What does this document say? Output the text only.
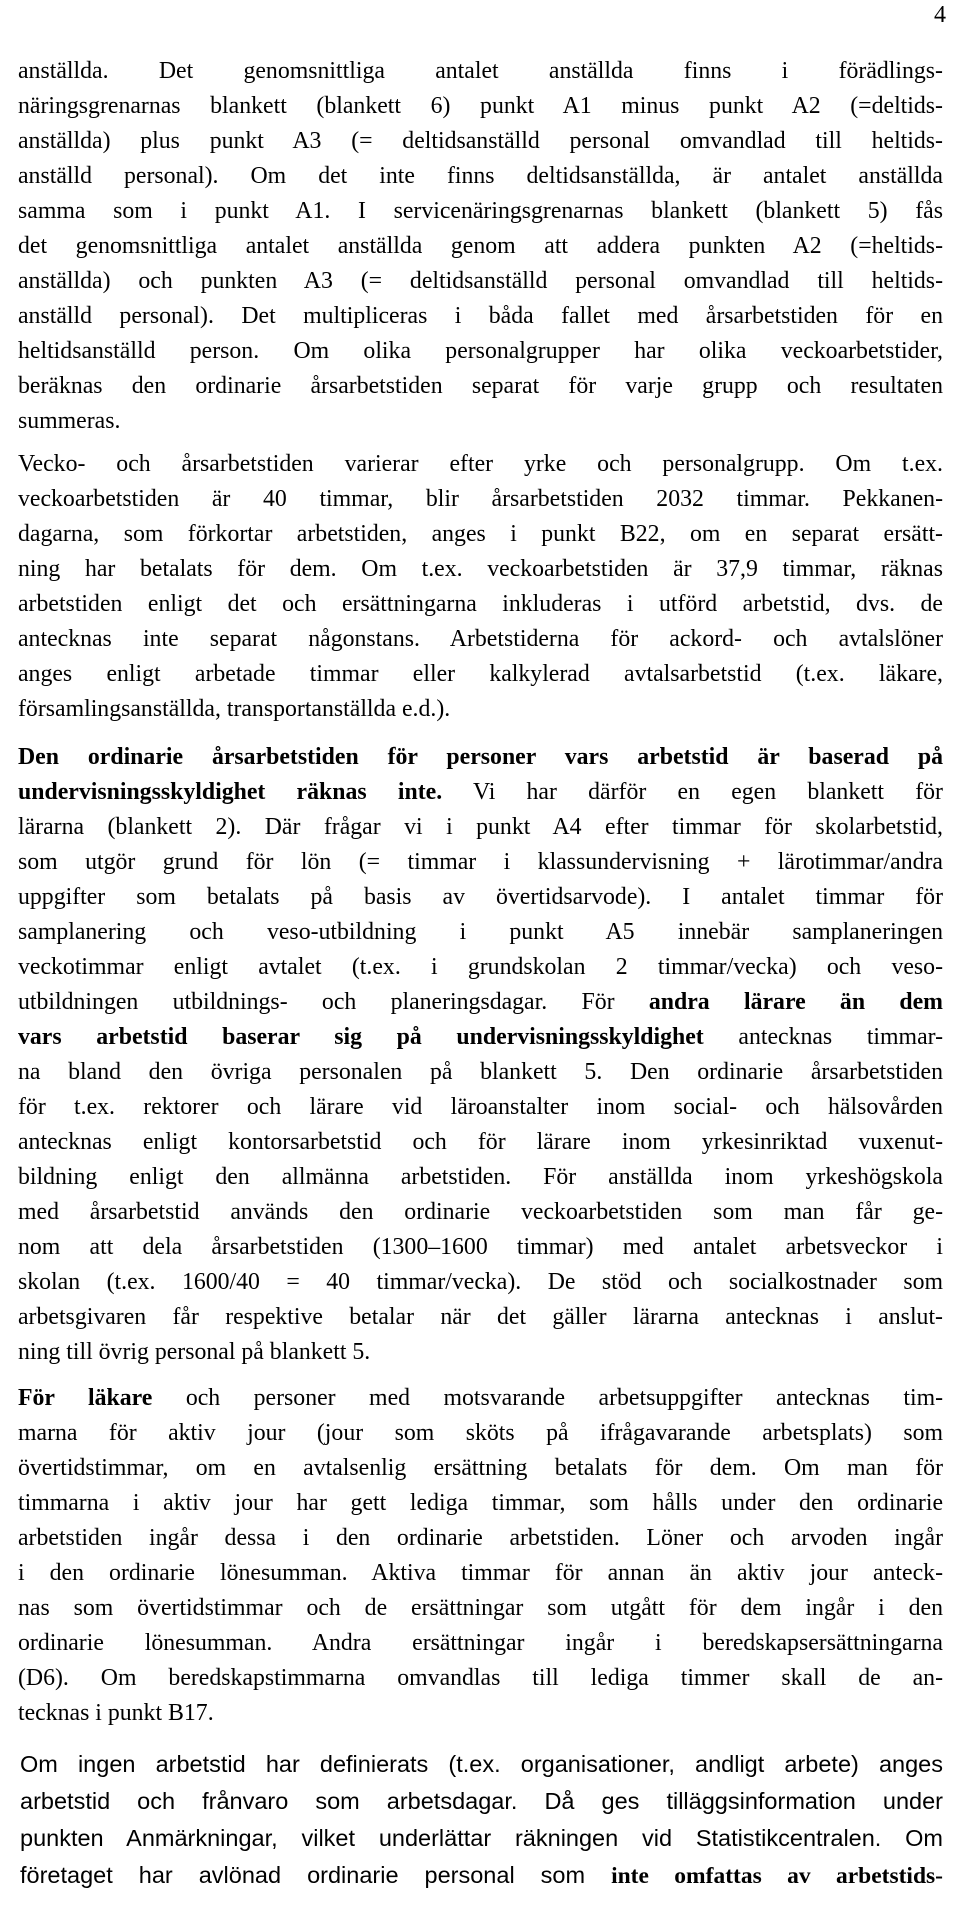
4
anställda. Det genomsnittliga antalet anställda finns i förädlings-
näringsgrenarnas blankett (blankett 6) punkt A1 minus punkt A2 (=deltids-
anställda) plus punkt A3 (= deltidsanställd personal omvandlad till heltids-
anställd personal). Om det inte finns deltidsanställda, är antalet anställda
samma som i punkt A1. I servicenäringsgrenarnas blankett (blankett 5) fås
det genomsnittliga antalet anställda genom att addera punkten A2 (=heltids-
anställda) och punkten A3 (= deltidsanställd personal omvandlad till heltids-
anställd personal). Det multipliceras i båda fallet med årsarbetstiden för en
heltidsanställd person. Om olika personalgrupper har olika veckoarbetstider,
beräknas den ordinarie årsarbetstiden separat för varje grupp och resultaten
summeras.
Vecko- och årsarbetstiden varierar efter yrke och personalgrupp. Om t.ex.
veckoarbetstiden är 40 timmar, blir årsarbetstiden 2032 timmar. Pekkanen-
dagarna, som förkortar arbetstiden, anges i punkt B22, om en separat ersätt-
ning har betalats för dem. Om t.ex. veckoarbetstiden är 37,9 timmar, räknas
arbetstiden enligt det och ersättningarna inkluderas i utförd arbetstid, dvs. de
antecknas inte separat någonstans. Arbetstiderna för ackord- och avtalslöner
anges enligt arbetade timmar eller kalkylerad avtalsarbetstid (t.ex. läkare,
församlingsanställda, transportanställda e.d.).
Den ordinarie årsarbetstiden för personer vars arbetstid är baserad på
undervisningsskyldighet räknas inte. Vi har därför en egen blankett för
lärarna (blankett 2). Där frågar vi i punkt A4 efter timmar för skolarbetstid,
som utgör grund för lön (= timmar i klassundervisning + lärotimmar/andra
uppgifter som betalats på basis av övertidsarvode). I antalet timmar för
samplanering och veso-utbildning i punkt A5 innebär samplaneringen
veckotimmar enligt avtalet (t.ex. i grundskolan 2 timmar/vecka) och veso-
utbildningen utbildnings- och planeringsdagar. För andra lärare än dem
vars arbetstid baserar sig på undervisningsskyldighet antecknas timmar-
na bland den övriga personalen på blankett 5. Den ordinarie årsarbetstiden
för t.ex. rektorer och lärare vid läroanstalter inom social- och hälsovården
antecknas enligt kontorsarbetstid och för lärare inom yrkesinriktad vuxenut-
bildning enligt den allmänna arbetstiden. För anställda inom yrkeshögskola
med årsarbetstid används den ordinarie veckoarbetstiden som man får ge-
nom att dela årsarbetstiden (1300–1600 timmar) med antalet arbetsveckor i
skolan (t.ex. 1600/40 = 40 timmar/vecka). De stöd och socialkostnader som
arbetsgivaren får respektive betalar när det gäller lärarna antecknas i anslut-
ning till övrig personal på blankett 5.
För läkare och personer med motsvarande arbetsuppgifter antecknas tim-
marna för aktiv jour (jour som sköts på ifrågavarande arbetsplats) som
övertidstimmar, om en avtalsenlig ersättning betalats för dem. Om man för
timmarna i aktiv jour har gett lediga timmar, som hålls under den ordinarie
arbetstiden ingår dessa i den ordinarie arbetstiden. Löner och arvoden ingår
i den ordinarie lönesumman. Aktiva timmar för annan än aktiv jour anteck-
nas som övertidstimmar och de ersättningar som utgått för dem ingår i den
ordinarie lönesumman. Andra ersättningar ingår i beredskapsersättningarna
(D6). Om beredskapstimmarna omvandlas till lediga timmer skall de an-
tecknas i punkt B17.
Om ingen arbetstid har definierats (t.ex. organisationer, andligt arbete) anges
arbetstid och frånvaro som arbetsdagar. Då ges tilläggsinformation under
punkten Anmärkningar, vilket underlättar räkningen vid Statistikcentralen. Om
företaget har avlönad ordinarie personal som inte omfattas av arbetstids-
